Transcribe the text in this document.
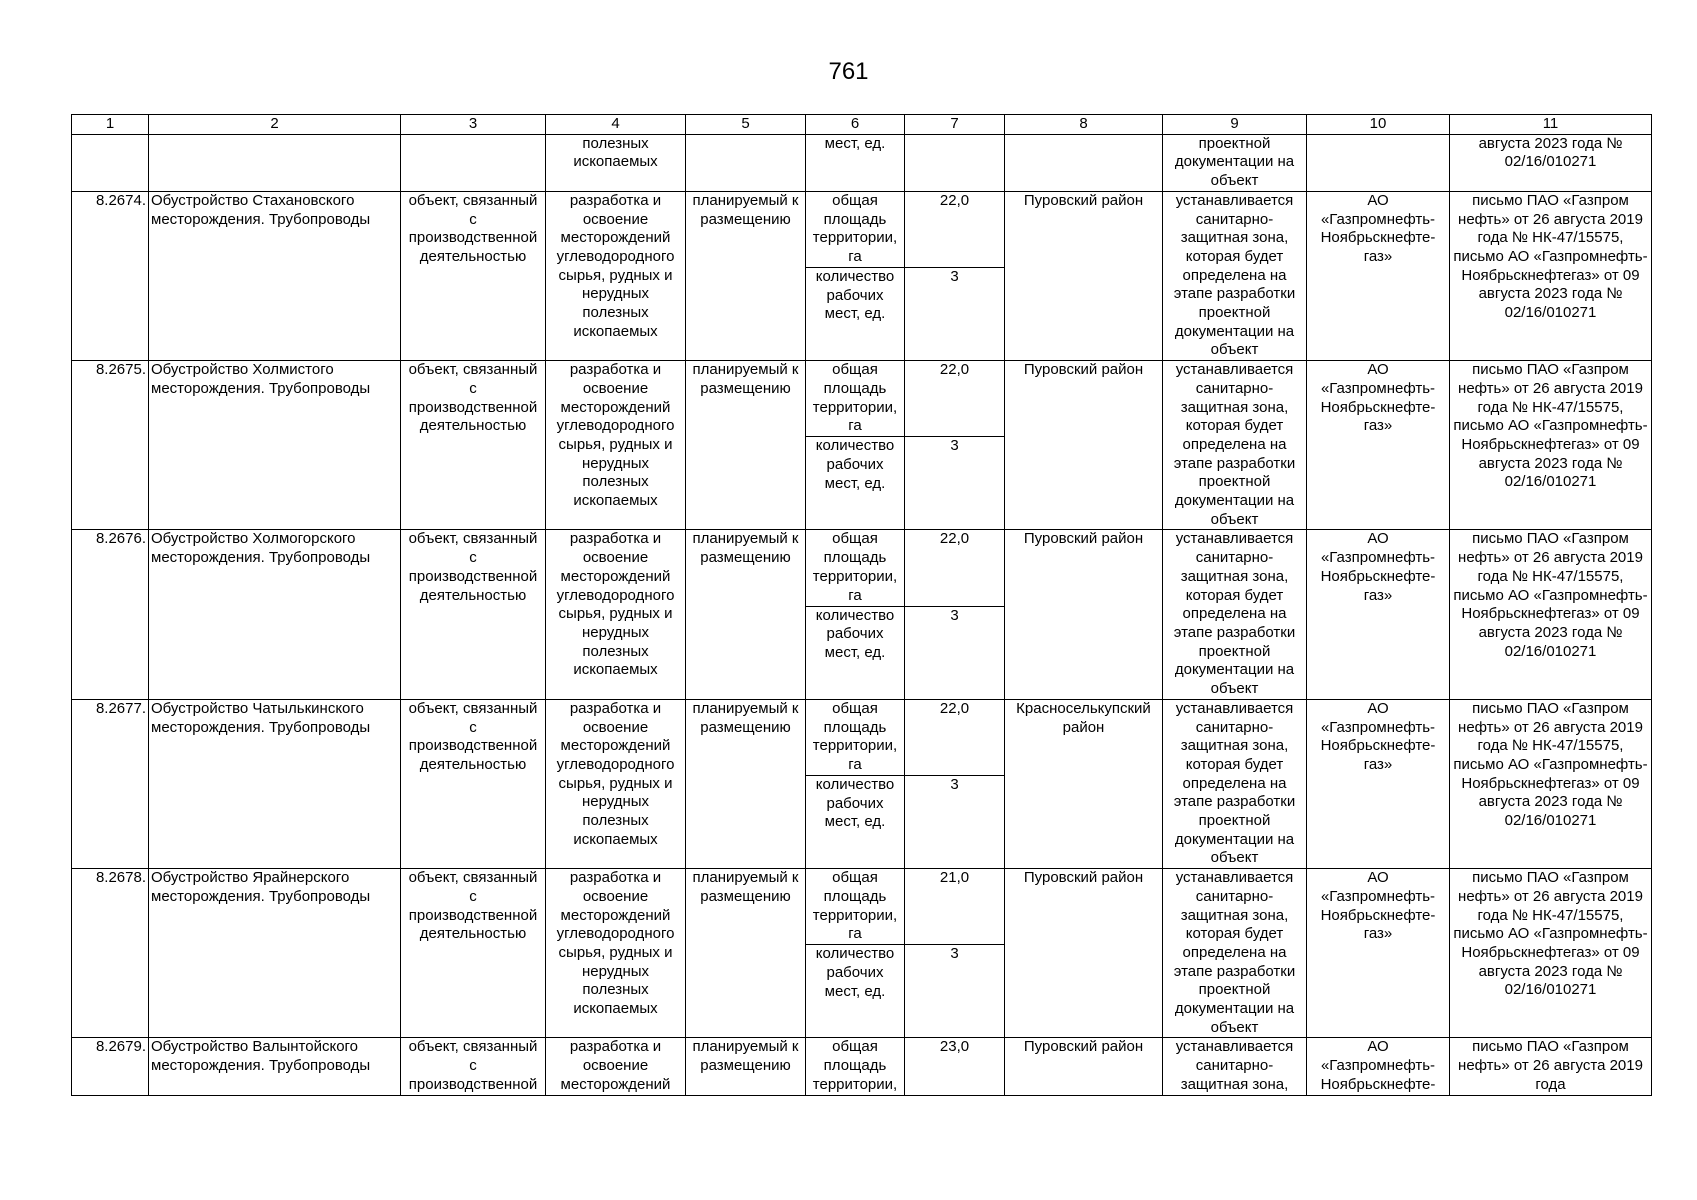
761
1	2	3	4	5	6	7	8	9	10	11
			полезных ископаемых		мест, ед.			проектной документации на объект		августа 2023 года № 02/16/010271
8.2674.	Обустройство Стахановского месторождения. Трубопроводы	объект, связанный с производственной деятельностью	разработка и освоение месторождений углеводородного сырья, рудных и нерудных полезных ископаемых	планируемый к размещению	общая площадь территории, га	22,0	Пуровский район	устанавливается санитарно-защитная зона, которая будет определена на этапе разработки проектной документации на объект	АО «Газпромнефть-Ноябрьскнефте-газ»	письмо ПАО «Газпром нефть» от 26 августа 2019 года № НК-47/15575, письмо АО «Газпромнефть-Ноябрьскнефтегаз» от 09 августа 2023 года № 02/16/010271
					количество рабочих мест, ед.	3				
8.2675.	Обустройство Холмистого месторождения. Трубопроводы	объект, связанный с производственной деятельностью	разработка и освоение месторождений углеводородного сырья, рудных и нерудных полезных ископаемых	планируемый к размещению	общая площадь территории, га	22,0	Пуровский район	устанавливается санитарно-защитная зона, которая будет определена на этапе разработки проектной документации на объект	АО «Газпромнефть-Ноябрьскнефте-газ»	письмо ПАО «Газпром нефть» от 26 августа 2019 года № НК-47/15575, письмо АО «Газпромнефть-Ноябрьскнефтегаз» от 09 августа 2023 года № 02/16/010271
					количество рабочих мест, ед.	3				
8.2676.	Обустройство Холмогорского месторождения. Трубопроводы	объект, связанный с производственной деятельностью	разработка и освоение месторождений углеводородного сырья, рудных и нерудных полезных ископаемых	планируемый к размещению	общая площадь территории, га	22,0	Пуровский район	устанавливается санитарно-защитная зона, которая будет определена на этапе разработки проектной документации на объект	АО «Газпромнефть-Ноябрьскнефте-газ»	письмо ПАО «Газпром нефть» от 26 августа 2019 года № НК-47/15575, письмо АО «Газпромнефть-Ноябрьскнефтегаз» от 09 августа 2023 года № 02/16/010271
					количество рабочих мест, ед.	3				
8.2677.	Обустройство Чатылькинского месторождения. Трубопроводы	объект, связанный с производственной деятельностью	разработка и освоение месторождений углеводородного сырья, рудных и нерудных полезных ископаемых	планируемый к размещению	общая площадь территории, га	22,0	Красноселькупский район	устанавливается санитарно-защитная зона, которая будет определена на этапе разработки проектной документации на объект	АО «Газпромнефть-Ноябрьскнефте-газ»	письмо ПАО «Газпром нефть» от 26 августа 2019 года № НК-47/15575, письмо АО «Газпромнефть-Ноябрьскнефтегаз» от 09 августа 2023 года № 02/16/010271
					количество рабочих мест, ед.	3				
8.2678.	Обустройство Ярайнерского месторождения. Трубопроводы	объект, связанный с производственной деятельностью	разработка и освоение месторождений углеводородного сырья, рудных и нерудных полезных ископаемых	планируемый к размещению	общая площадь территории, га	21,0	Пуровский район	устанавливается санитарно-защитная зона, которая будет определена на этапе разработки проектной документации на объект	АО «Газпромнефть-Ноябрьскнефте-газ»	письмо ПАО «Газпром нефть» от 26 августа 2019 года № НК-47/15575, письмо АО «Газпромнефть-Ноябрьскнефтегаз» от 09 августа 2023 года № 02/16/010271
					количество рабочих мест, ед.	3				
8.2679.	Обустройство Валынтойского месторождения. Трубопроводы	объект, связанный с производственной	разработка и освоение месторождений	планируемый к размещению	общая площадь территории,	23,0	Пуровский район	устанавливается санитарно-защитная зона,	АО «Газпромнефть-Ноябрьскнефте-	письмо ПАО «Газпром нефть» от 26 августа 2019 года
